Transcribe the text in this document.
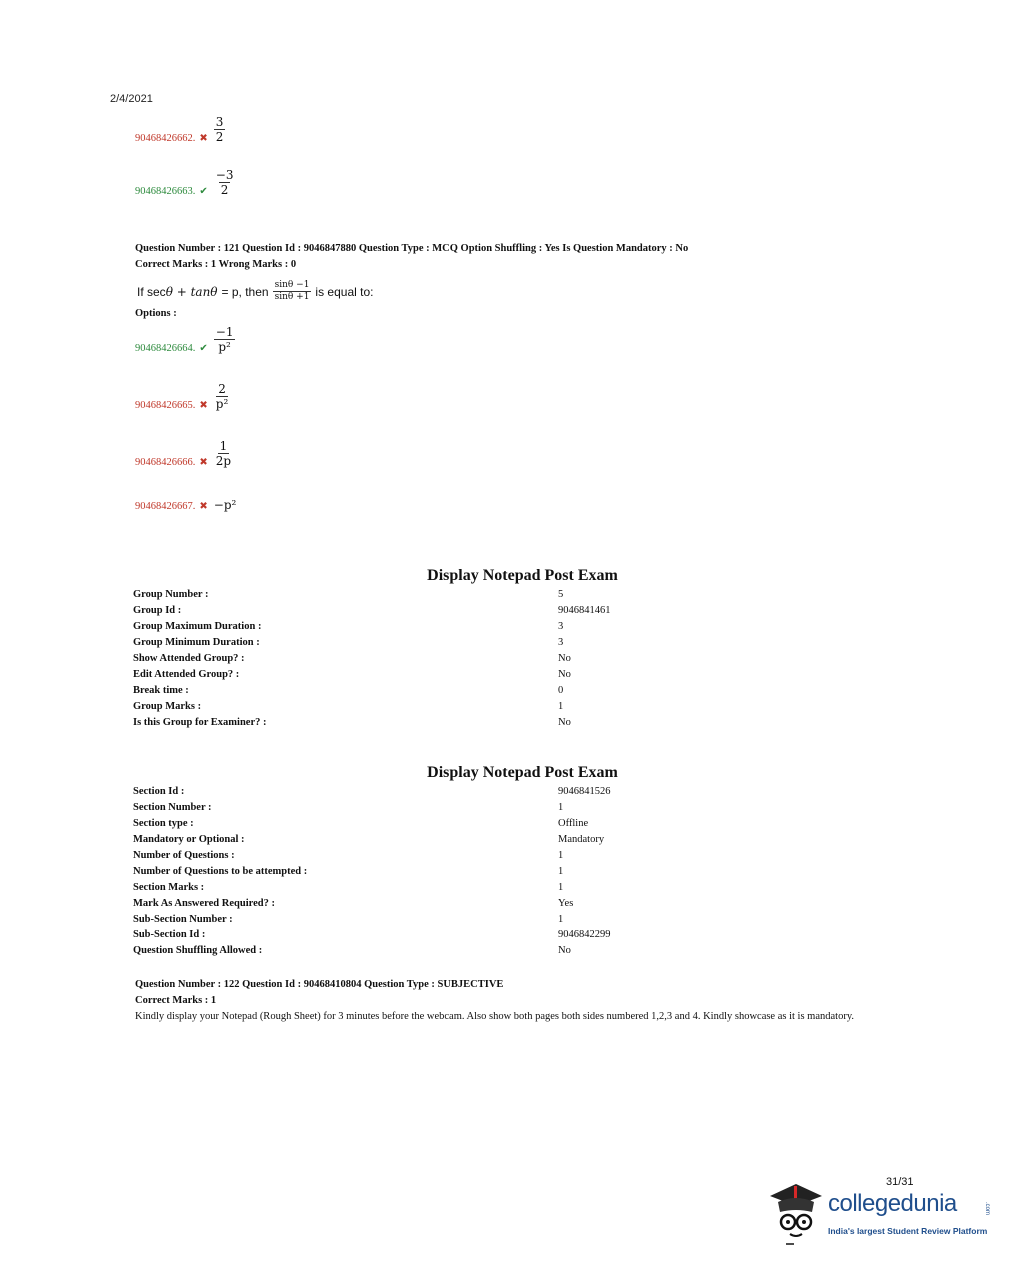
2/4/2021
90468426662. ✖ $\frac{3}{2}$
90468426663. ✔ $\frac{-3}{2}$
Question Number : 121 Question Id : 9046847880 Question Type : MCQ Option Shuffling : Yes Is Question Mandatory : No
Correct Marks : 1 Wrong Marks : 0
If sec θ + tanθ = p, then $\frac{\sin\theta -1}{\sin\theta +1}$ is equal to:
Options :
90468426664. ✔ $\frac{-1}{\text{p²}}$
90468426665. ✖ $\frac{2}{\text{p²}}$
90468426666. ✖ $\frac{1}{2p}$
90468426667. ✖ −p²
Display Notepad Post Exam
Group Number :	5
Group Id :	9046841461
Group Maximum Duration :	3
Group Minimum Duration :	3
Show Attended Group? :	No
Edit Attended Group? :	No
Break time :	0
Group Marks :	1
Is this Group for Examiner? :	No
Display Notepad Post Exam
Section Id :	9046841526
Section Number :	1
Section type :	Offline
Mandatory or Optional :	Mandatory
Number of Questions :	1
Number of Questions to be attempted :	1
Section Marks :	1
Mark As Answered Required? :	Yes
Sub-Section Number :	1
Sub-Section Id :	9046842299
Question Shuffling Allowed :	No
Question Number : 122 Question Id : 90468410804 Question Type : SUBJECTIVE
Correct Marks : 1
Kindly display your Notepad (Rough Sheet) for 3 minutes before the webcam. Also show both pages both sides numbered 1,2,3 and 4. Kindly showcase as it is mandatory.
31/31
collegedunia	.com
India's largest Student Review Platform
